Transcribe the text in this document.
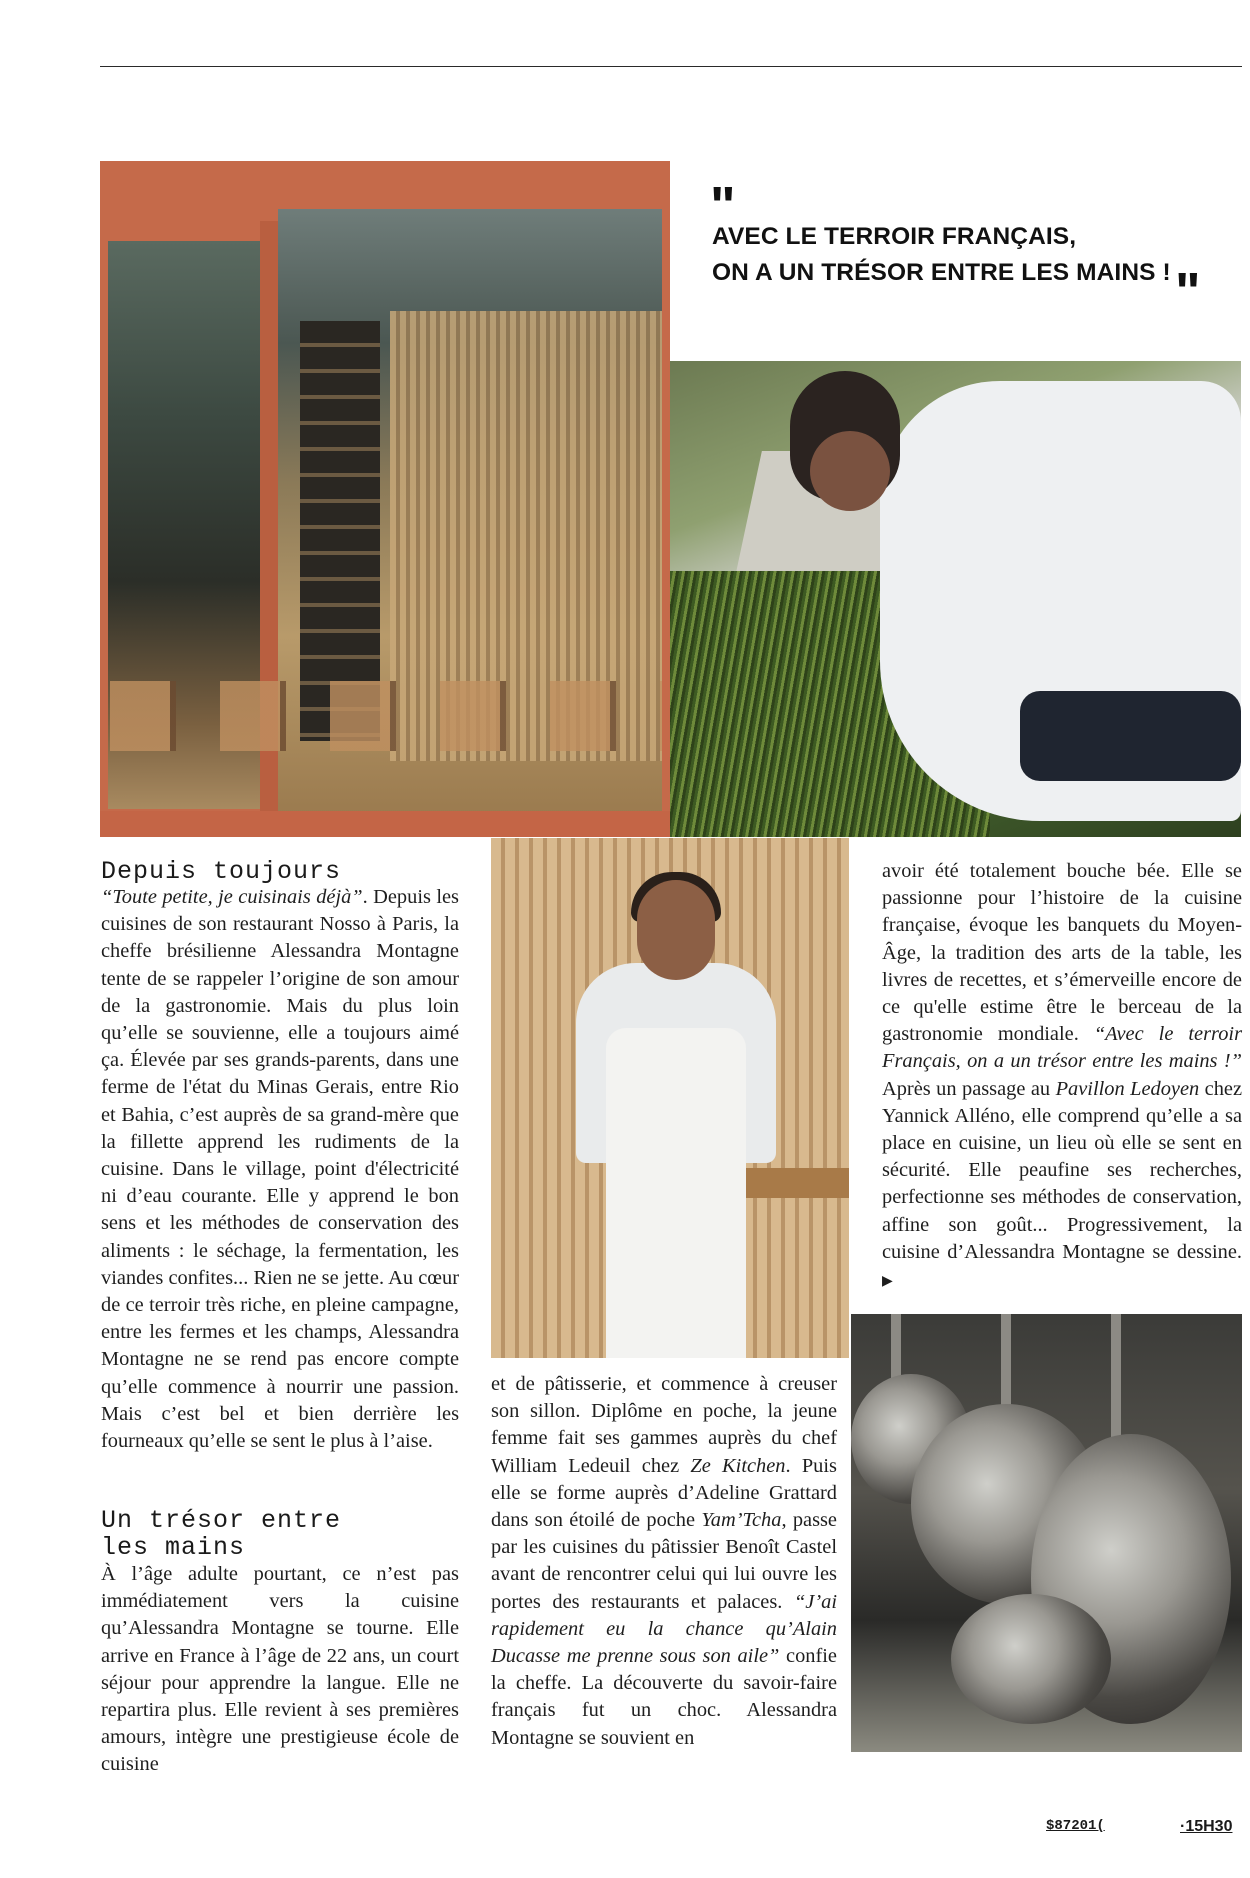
"
AVEC LE TERROIR FRANÇAIS,
ON A UN TRÉSOR ENTRE LES MAINS ! "
Depuis toujours
“Toute petite, je cuisinais déjà”. Depuis les cuisines de son restaurant Nosso à Paris, la cheffe brésilienne Alessandra Montagne tente de se rappeler l’origine de son amour de la gastronomie. Mais du plus loin qu’elle se souvienne, elle a toujours aimé ça. Élevée par ses grands-parents, dans une ferme de l'état du Minas Gerais, entre Rio et Bahia, c’est auprès de sa grand-mère que la fillette apprend les rudiments de la cuisine. Dans le village, point d'électricité ni d’eau courante. Elle y apprend le bon sens et les méthodes de conservation des aliments : le séchage, la fermentation, les viandes confites... Rien ne se jette. Au cœur de ce terroir très riche, en pleine campagne, entre les fermes et les champs, Alessandra Montagne ne se rend pas encore compte qu’elle commence à nourrir une passion. Mais c’est bel et bien derrière les fourneaux qu’elle se sent le plus à l’aise.
Un trésor entre les mains
À l’âge adulte pourtant, ce n’est pas immédiatement vers la cuisine qu’Alessandra Montagne se tourne. Elle arrive en France à l’âge de 22 ans, un court séjour pour apprendre la langue. Elle ne repartira plus. Elle revient à ses premières amours, intègre une prestigieuse école de cuisine
et de pâtisserie, et commence à creuser son sillon. Diplôme en poche, la jeune femme fait ses gammes auprès du chef William Ledeuil chez Ze Kitchen. Puis elle se forme auprès d’Adeline Grattard dans son étoilé de poche Yam’Tcha, passe par les cuisines du pâtissier Benoît Castel avant de rencontrer celui qui lui ouvre les portes des restaurants et palaces. “J’ai rapidement eu la chance qu’Alain Ducasse me prenne sous son aile” confie la cheffe. La découverte du savoir-faire français fut un choc. Alessandra Montagne se souvient en
avoir été totalement bouche bée. Elle se passionne pour l’histoire de la cuisine française, évoque les banquets du Moyen-Âge, la tradition des arts de la table, les livres de recettes, et s’émerveille encore de ce qu'elle estime être le berceau de la gastronomie mondiale. “Avec le terroir Français, on a un trésor entre les mains !” Après un passage au Pavillon Ledoyen chez Yannick Alléno, elle comprend qu’elle a sa place en cuisine, un lieu où elle se sent en sécurité. Elle peaufine ses recherches, perfectionne ses méthodes de conservation, affine son goût... Progressivement, la cuisine d’Alessandra Montagne se dessine. ▶
$87201(	·15H30
